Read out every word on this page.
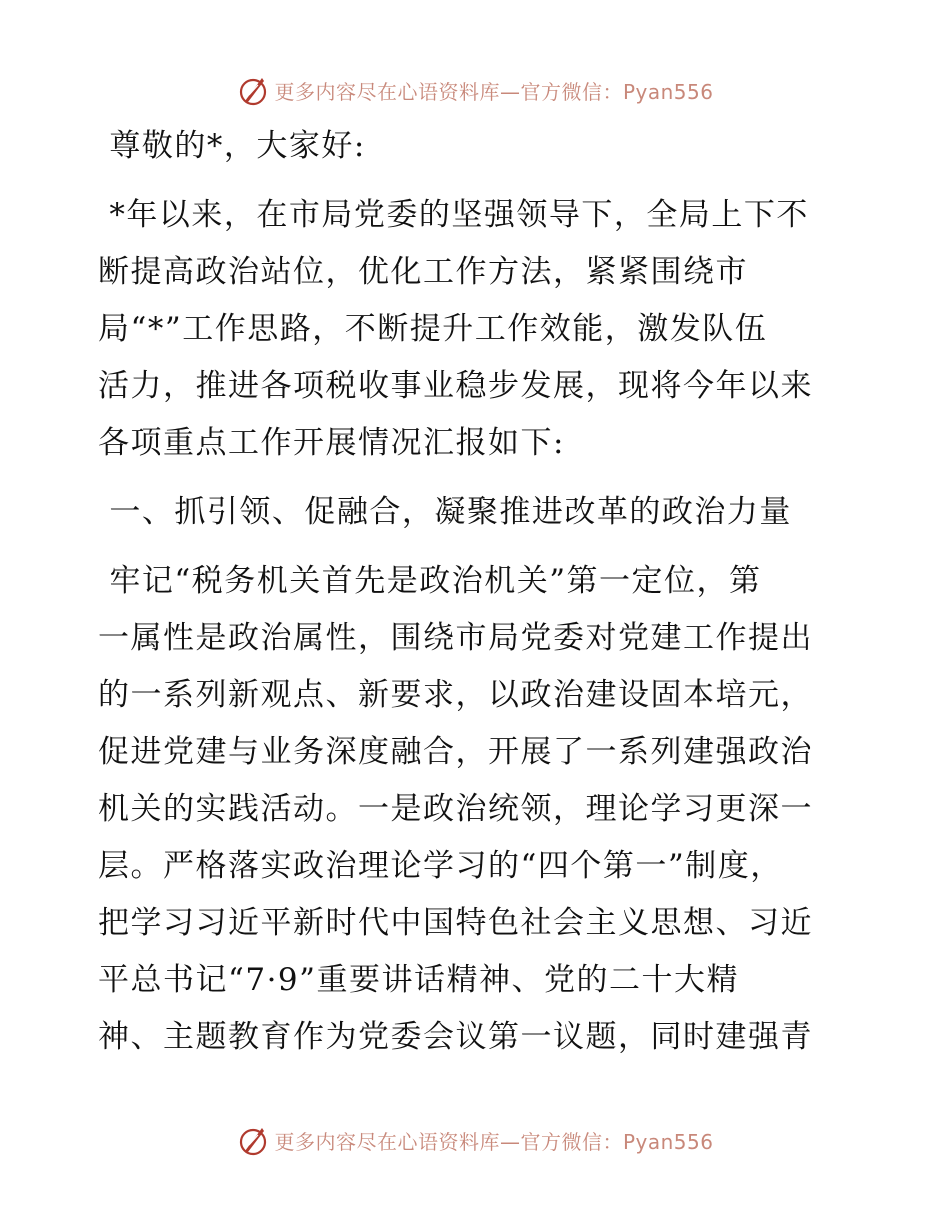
更多内容尽在心语资料库—官方微信：Pyan556

尊敬的*，大家好:

*年以来，在市局党委的坚强领导下，全局上下不

断提高政治站位，优化工作方法，紧紧围绕市

局“*”工作思路，不断提升工作效能，激发队伍

活力，推进各项税收事业稳步发展，现将今年以来

各项重点工作开展情况汇报如下:

一、抓引领、促融合，凝聚推进改革的政治力量

牢记“税务机关首先是政治机关”第一定位，第

一属性是政治属性，围绕市局党委对党建工作提出

的一系列新观点、新要求，以政治建设固本培元，

促进党建与业务深度融合，开展了一系列建强政治

机关的实践活动。一是政治统领，理论学习更深一

层。严格落实政治理论学习的“四个第一”制度，

把学习习近平新时代中国特色社会主义思想、习近

平总书记“7·9”重要讲话精神、党的二十大精

神、主题教育作为党委会议第一议题，同时建强青

更多内容尽在心语资料库—官方微信：Pyan556
